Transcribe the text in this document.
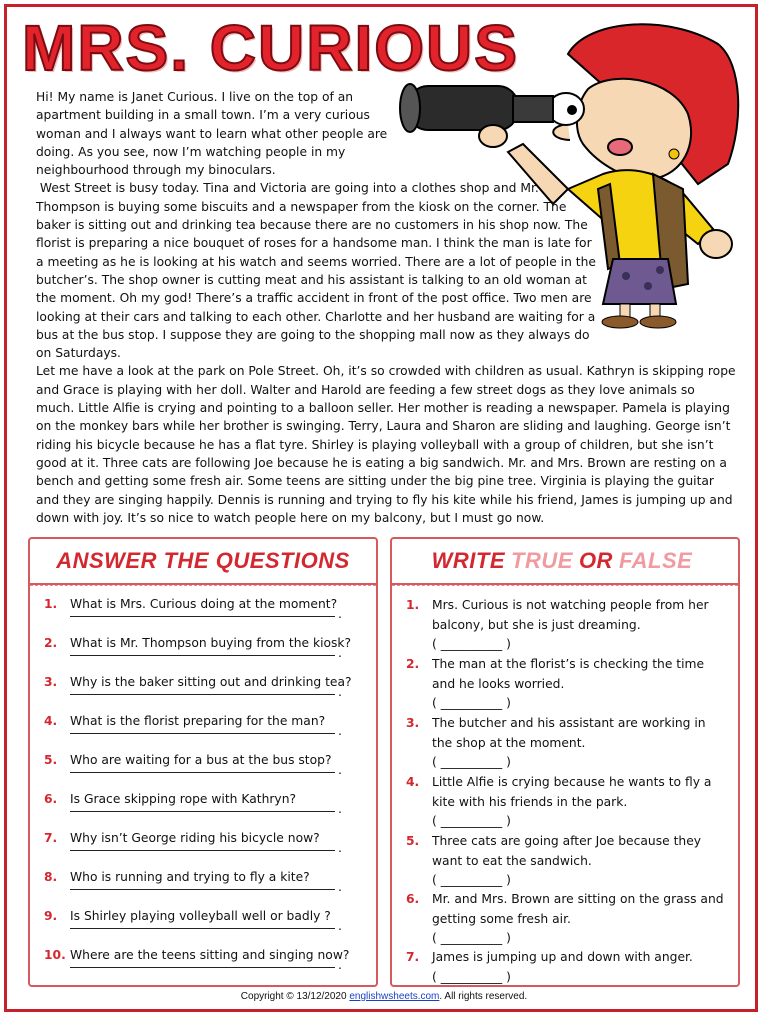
MRS. CURIOUS

Hi! My name is Janet Curious. I live on the top of an apartment building in a small town. I’m a very curious woman and I always want to learn what other people are doing. As you see, now I’m watching people in my neighbourhood through my binoculars.

West Street is busy today. Tina and Victoria are going into a clothes shop and Mr. Thompson is buying some biscuits and a newspaper from the kiosk on the corner. The baker is sitting out and drinking tea because there are no customers in his shop now. The florist is preparing a nice bouquet of roses for a handsome man. I think the man is late for a meeting as he is looking at his watch and seems worried. There are a lot of people in the butcher’s. The shop owner is cutting meat and his assistant is talking to an old woman at the moment. Oh my god! There’s a traffic accident in front of the post office. Two men are looking at their cars and talking to each other. Charlotte and her husband are waiting for a bus at the bus stop. I suppose they are going to the shopping mall now as they always do on Saturdays.

Let me have a look at the park on Pole Street. Oh, it’s so crowded with children as usual. Kathryn is skipping rope and Grace is playing with her doll. Walter and Harold are feeding a few street dogs as they love animals so much. Little Alfie is crying and pointing to a balloon seller. Her mother is reading a newspaper. Pamela is playing on the monkey bars while her brother is swinging. Terry, Laura and Sharon are sliding and laughing. George isn’t riding his bicycle because he has a flat tyre. Shirley is playing volleyball with a group of children, but she isn’t good at it. Three cats are following Joe because he is eating a big sandwich. Mr. and Mrs. Brown are resting on a bench and getting some fresh air. Some teens are sitting under the big pine tree. Virginia is playing the guitar and they are singing happily. Dennis is running and trying to fly his kite while his friend, James is jumping up and down with joy. It’s so nice to watch people here on my balcony, but I must go now.

ANSWER THE QUESTIONS
1. What is Mrs. Curious doing at the moment?
.
2. What is Mr. Thompson buying from the kiosk?
.
3. Why is the baker sitting out and drinking tea?
.
4. What is the florist preparing for the man?
.
5. Who are waiting for a bus at the bus stop?
.
6. Is Grace skipping rope with Kathryn?
.
7. Why isn’t George riding his bicycle now?
.
8. Who is running and trying to fly a kite?
.
9. Is Shirley playing volleyball well or badly ?
.
10. Where are the teens sitting and singing now?
.
WRITE TRUE OR FALSE
1. Mrs. Curious is not watching people from her balcony, but she is just dreaming.
( __________ )
2. The man at the florist’s is checking the time and he looks worried.
( __________ )
3. The butcher and his assistant are working in the shop at the moment.
( __________ )
4. Little Alfie is crying because he wants to fly a kite with his friends in the park.
( __________ )
5. Three cats are going after Joe because they want to eat the sandwich.
( __________ )
6. Mr. and Mrs. Brown are sitting on the grass and getting some fresh air.
( __________ )
7. James is jumping up and down with anger.
( __________ )
Copyright © 13/12/2020 englishwsheets.com. All rights reserved.
